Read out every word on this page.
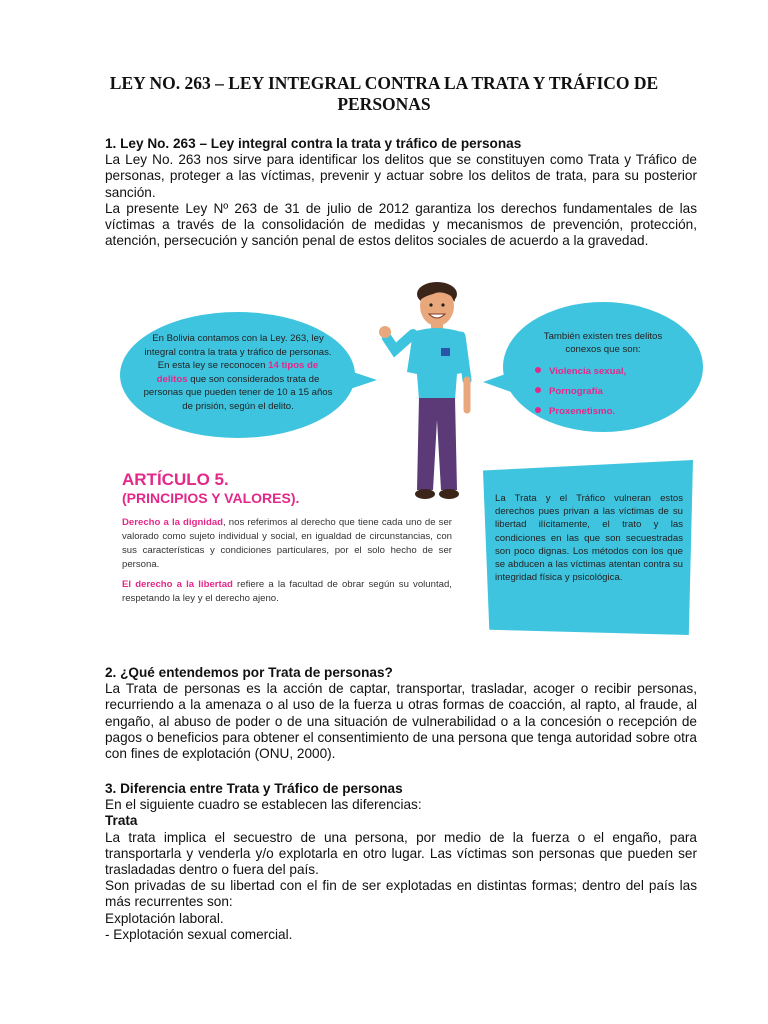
LEY NO. 263 – LEY INTEGRAL CONTRA LA TRATA Y TRÁFICO DE PERSONAS
1. Ley No. 263 – Ley integral contra la trata y tráfico de personas

La Ley No. 263 nos sirve para identificar los delitos que se constituyen como Trata y Tráfico de personas, proteger a las víctimas, prevenir y actuar sobre los delitos de trata, para su posterior sanción.

La presente Ley Nº 263 de 31 de julio de 2012 garantiza los derechos fundamentales de las víctimas a través de la consolidación de medidas y mecanismos de prevención, protección, atención, persecución y sanción penal de estos delitos sociales de acuerdo a la gravedad.

En Bolivia contamos con la Ley. 263, ley integral contra la trata y tráfico de personas. En esta ley se reconocen 14 tipos de delitos que son considerados trata de personas que pueden tener de 10 a 15 años de prisión, según el delito.
También existen tres delitos conexos que son:
Violencia sexual,
Pornografía
Proxenetismo.
ARTÍCULO 5.
(PRINCIPIOS Y VALORES).

Derecho a la dignidad, nos referimos al derecho que tiene cada uno de ser valorado como sujeto individual y social, en igualdad de circunstancias, con sus características y condiciones particulares, por el solo hecho de ser persona.

El derecho a la libertad refiere a la facultad de obrar según su voluntad, respetando la ley y el derecho ajeno.

La Trata y el Tráfico vulneran estos derechos pues privan a las víctimas de su libertad ilícitamente, el trato y las condiciones en las que son secuestradas son poco dignas. Los métodos con los que se abducen a las víctimas atentan contra su integridad física y psicológica.
2. ¿Qué entendemos por Trata de personas?

La Trata de personas es la acción de captar, transportar, trasladar, acoger o recibir personas, recurriendo a la amenaza o al uso de la fuerza u otras formas de coacción, al rapto, al fraude, al engaño, al abuso de poder o de una situación de vulnerabilidad o a la concesión o recepción de pagos o beneficios para obtener el consentimiento de una persona que tenga autoridad sobre otra con fines de explotación (ONU, 2000).

3. Diferencia entre Trata y Tráfico de personas

En el siguiente cuadro se establecen las diferencias:

Trata

La trata implica el secuestro de una persona, por medio de la fuerza o el engaño, para transportarla y venderla y/o explotarla en otro lugar. Las víctimas son personas que pueden ser trasladadas dentro o fuera del país.

Son privadas de su libertad con el fin de ser explotadas en distintas formas; dentro del país las más recurrentes son:

Explotación laboral.

- Explotación sexual comercial.
